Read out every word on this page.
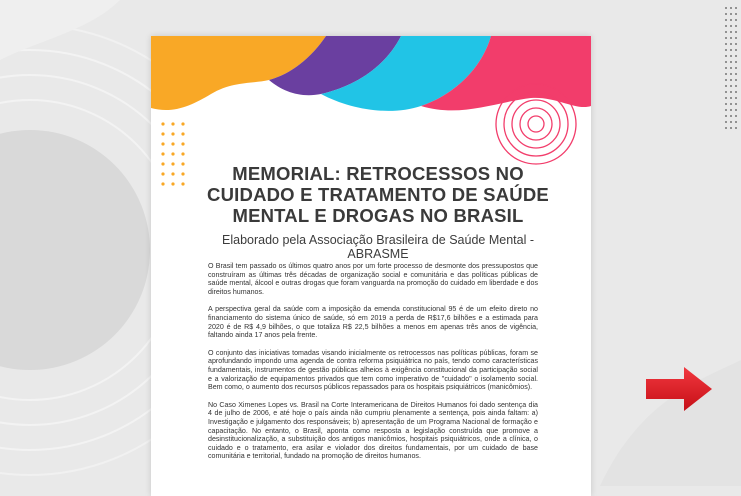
MEMORIAL: RETROCESSOS NO
CUIDADO E TRATAMENTO DE SAÚDE
MENTAL E DROGAS NO BRASIL

Elaborado pela Associação Brasileira de Saúde Mental - ABRASME

O Brasil tem passado os últimos quatro anos por um forte processo de desmonte dos pressupostos que construíram as últimas três décadas de organização social e comunitária e das políticas públicas de saúde mental, álcool e outras drogas que foram vanguarda na promoção do cuidado em liberdade e dos direitos humanos.

A perspectiva geral da saúde com a imposição da emenda constitucional 95 é de um efeito direto no financiamento do sistema único de saúde, só em 2019 a perda de R$17,6 bilhões e a estimada para 2020 é de R$ 4,9 bilhões, o que totaliza R$ 22,5 bilhões a menos em apenas três anos de vigência, faltando ainda 17 anos pela frente.

O conjunto das iniciativas tomadas visando inicialmente os retrocessos nas políticas públicas, foram se aprofundando impondo uma agenda de contra reforma psiquiátrica no país, tendo como características fundamentais, instrumentos de gestão públicas alheios à exigência constitucional da participação social e a valorização de equipamentos privados que tem como imperativo de "cuidado" o isolamento social. Bem como, o aumento dos recursos públicos repassados para os hospitais psiquiátricos (manicômios).

No Caso Ximenes Lopes vs. Brasil na Corte Interamericana de Direitos Humanos foi dado sentença dia 4 de julho de 2006, e até hoje o país ainda não cumpriu plenamente a sentença, pois ainda faltam: a) Investigação e julgamento dos responsáveis; b) apresentação de um Programa Nacional de formação e capacitação. No entanto, o Brasil, aponta como resposta a legislação construída que promove a desinstitucionalização, a substituição dos antigos manicômios, hospitais psiquiátricos, onde a clínica, o cuidado e o tratamento, era asilar e violador dos direitos fundamentais, por um cuidado de base comunitária e territorial, fundado na promoção de direitos humanos.
